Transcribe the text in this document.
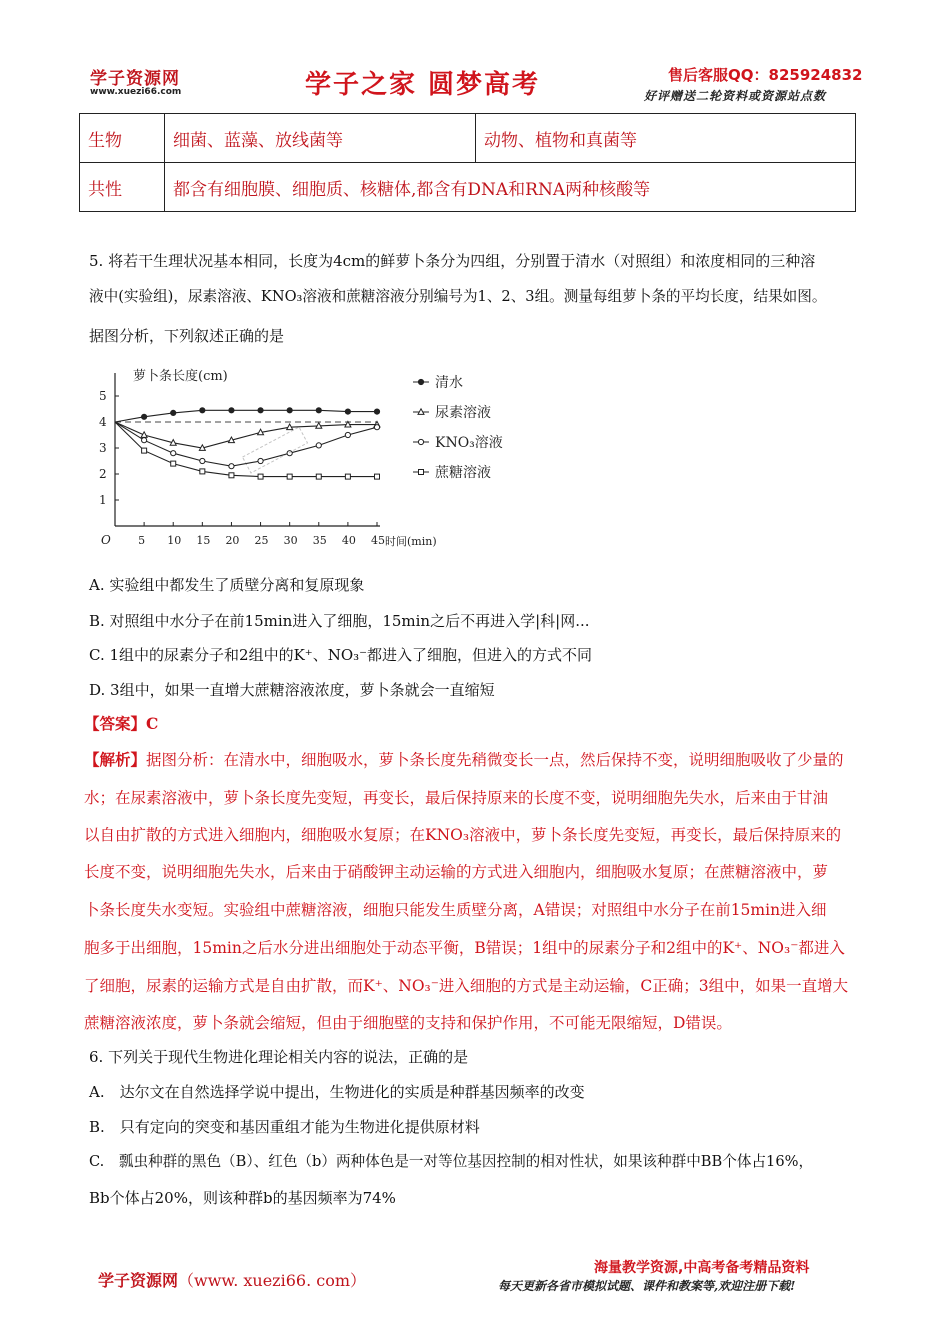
学子资源网
www.xuezi66.com	学子之家 圆梦高考	售后客服QQ：825924832
好评赠送二轮资料或资源站点数
生物	细菌、蓝藻、放线菌等	动物、植物和真菌等
共性	都含有细胞膜、细胞质、核糖体,都含有DNA和RNA两种核酸等	
5. 将若干生理状况基本相同，长度为4cm的鲜萝卜条分为四组，分别置于清水（对照组）和浓度相同的三种溶
液中(实验组)，尿素溶液、KNO₃溶液和蔗糖溶液分别编号为1、2、3组。测量每组萝卜条的平均长度，结果如图。
据图分析，下列叙述正确的是
萝卜条长度(cm)
O	时间(min)
1
2
3
4
5
5 10 15 20 25 30 35 40 45
清水
尿素溶液
KNO₃溶液
蔗糖溶液
A. 实验组中都发生了质壁分离和复原现象
B. 对照组中水分子在前15min进入了细胞，15min之后不再进入学|科|网...
C. 1组中的尿素分子和2组中的K⁺、NO₃⁻都进入了细胞，但进入的方式不同
D. 3组中，如果一直增大蔗糖溶液浓度，萝卜条就会一直缩短
【答案】C
【解析】据图分析：在清水中，细胞吸水，萝卜条长度先稍微变长一点，然后保持不变，说明细胞吸收了少量的
水；在尿素溶液中，萝卜条长度先变短，再变长，最后保持原来的长度不变，说明细胞先失水，后来由于甘油
以自由扩散的方式进入细胞内，细胞吸水复原；在KNO₃溶液中，萝卜条长度先变短，再变长，最后保持原来的
长度不变，说明细胞先失水，后来由于硝酸钾主动运输的方式进入细胞内，细胞吸水复原；在蔗糖溶液中，萝
卜条长度失水变短。实验组中蔗糖溶液，细胞只能发生质壁分离，A错误；对照组中水分子在前15min进入细
胞多于出细胞，15min之后水分进出细胞处于动态平衡，B错误；1组中的尿素分子和2组中的K⁺、NO₃⁻都进入
了细胞，尿素的运输方式是自由扩散，而K⁺、NO₃⁻进入细胞的方式是主动运输，C正确；3组中，如果一直增大
蔗糖溶液浓度，萝卜条就会缩短，但由于细胞壁的支持和保护作用，不可能无限缩短，D错误。
6. 下列关于现代生物进化理论相关内容的说法，正确的是
A.　达尔文在自然选择学说中提出，生物进化的实质是种群基因频率的改变
B.　只有定向的突变和基因重组才能为生物进化提供原材料
C.　瓢虫种群的黑色（B）、红色（b）两种体色是一对等位基因控制的相对性状，如果该种群中BB个体占16%，
Bb个体占20%，则该种群b的基因频率为74%
学子资源网（www. xuezi66. com）
海量教学资源,中高考备考精品资料
每天更新各省市模拟试题、课件和教案等,欢迎注册下载!
